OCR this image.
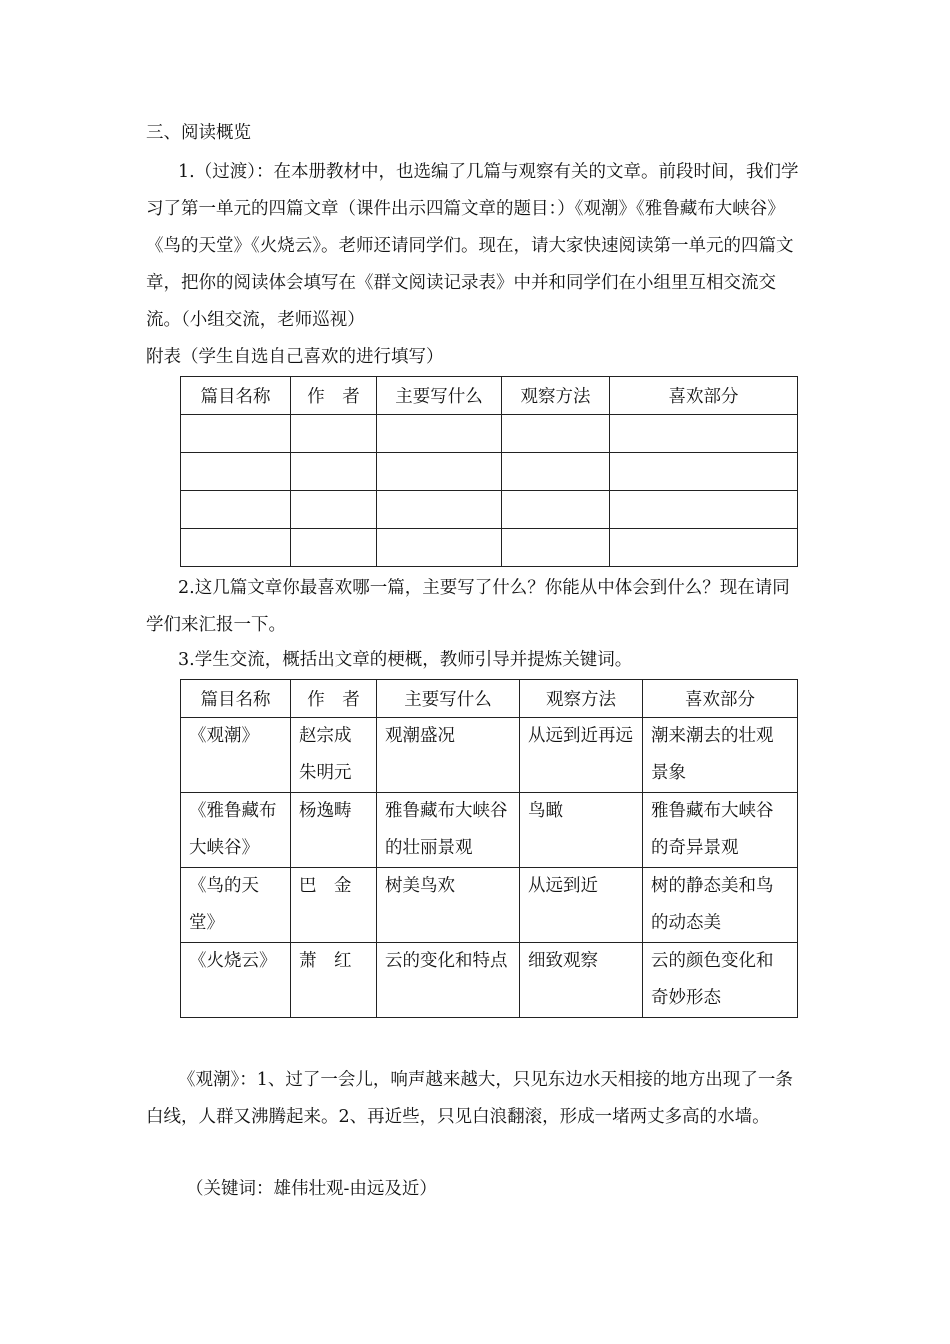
三、阅读概览
1.（过渡）：在本册教材中，也选编了几篇与观察有关的文章。前段时间，我们学习了第一单元的四篇文章（课件出示四篇文章的题目：）《观潮》《雅鲁藏布大峡谷》《鸟的天堂》《火烧云》。老师还请同学们。现在，请大家快速阅读第一单元的四篇文章，把你的阅读体会填写在《群文阅读记录表》中并和同学们在小组里互相交流交流。（小组交流，老师巡视）
附表（学生自选自己喜欢的进行填写）
篇目名称	作　者	主要写什么	观察方法	喜欢部分

2.这几篇文章你最喜欢哪一篇，主要写了什么？你能从中体会到什么？现在请同学们来汇报一下。
3.学生交流，概括出文章的梗概，教师引导并提炼关键词。
篇目名称	作　者	主要写什么	观察方法	喜欢部分
《观潮》	赵宗成朱明元	观潮盛况	从远到近再远	潮来潮去的壮观景象
《雅鲁藏布大峡谷》	杨逸畴	雅鲁藏布大峡谷的壮丽景观	鸟瞰	雅鲁藏布大峡谷的奇异景观
《鸟的天堂》	巴　金	树美鸟欢	从远到近	树的静态美和鸟的动态美
《火烧云》	萧　红	云的变化和特点	细致观察	云的颜色变化和奇妙形态
《观潮》：1、过了一会儿，响声越来越大，只见东边水天相接的地方出现了一条白线，人群又沸腾起来。2、再近些，只见白浪翻滚，形成一堵两丈多高的水墙。
（关键词：雄伟壮观-由远及近）
